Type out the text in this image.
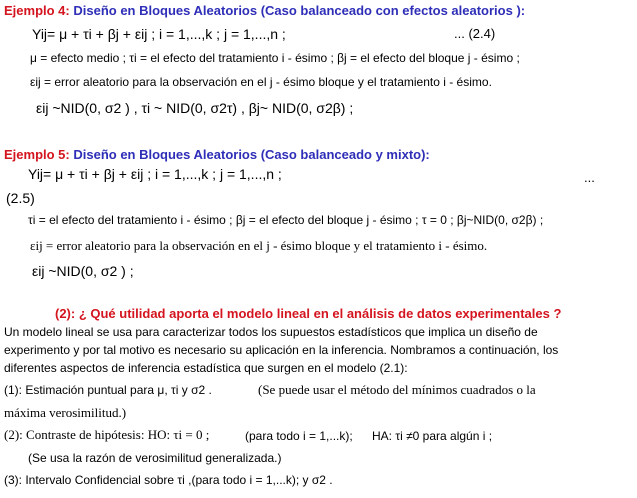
Ejemplo 4: Diseño en Bloques Aleatorios (Caso balanceado con efectos aleatorios ):
Yij= μ + τi + βj + εij ; i = 1,...,k ; j = 1,...,n ;	... (2.4)
μ = efecto medio ; τi = el efecto del tratamiento i - ésimo ; βj = el efecto del bloque j - ésimo ;
εij = error aleatorio para la observación en el j - ésimo bloque y el tratamiento i - ésimo.
εij ~NID(0, σ2 ) , τi ~ NID(0, σ2τ) , βj~ NID(0, σ2β) ;
Ejemplo 5: Diseño en Bloques Aleatorios (Caso balanceado y mixto):
Yij= μ + τi + βj + εij ; i = 1,...,k ; j = 1,...,n ;	...
(2.5)
τi = el efecto del tratamiento i - ésimo ; βj = el efecto del bloque j - ésimo ; τ = 0 ; βj~NID(0, σ2β) ;
εij = error aleatorio para la observación en el j - ésimo bloque y el tratamiento i - ésimo.
εij ~NID(0, σ2 ) ;
(2): ¿ Qué utilidad aporta el modelo lineal en el análisis de datos experimentales ?
Un modelo lineal se usa para caracterizar todos los supuestos estadísticos que implica un diseño de
experimento y por tal motivo es necesario su aplicación en la inferencia. Nombramos a continuación, los
diferentes aspectos de inferencia estadística que surgen en el modelo (2.1):
(1): Estimación puntual para μ, τi y σ2 .	(Se puede usar el método del mínimos cuadrados o la
máxima verosimilitud.)
(2): Contraste de hipótesis: HO: τi = 0 ;	(para todo i = 1,...k); HA: τi ≠0 para algún i ;
(Se usa la razón de verosimilitud generalizada.)
(3): Intervalo Confidencial sobre τi ,(para todo i = 1,...k); y σ2 .
